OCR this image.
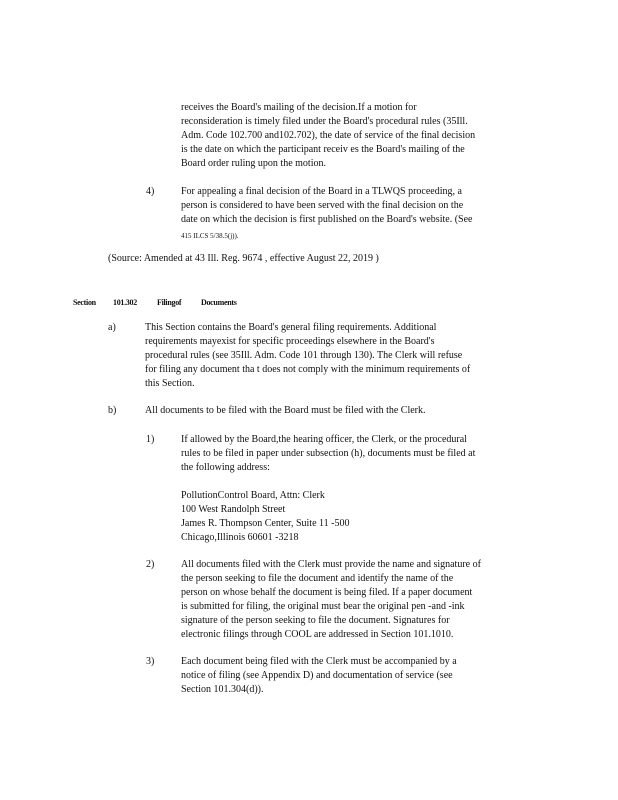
receives the Board's mailing of the decision.If a motion for
reconsideration is timely filed under the Board's procedural rules (35Ill.
Adm. Code 102.700 and102.702), the date of service of the final decision
is the date on which the participant receiv es the Board's mailing of the
Board order ruling upon the motion.
4)	For appealing a final decision of the Board in a TLWQS proceeding, a
person is considered to have been served with the final decision on the
date on which the decision is first published on the Board's website. (See
415 ILCS 5/38.5(j)).
(Source: Amended at 43 Ill. Reg. 9674 , effective August 22, 2019 )
Section 101.302	Filingof Documents
a)	This Section contains the Board's general filing requirements. Additional
requirements mayexist for specific proceedings elsewhere in the Board's
procedural rules (see 35Ill. Adm. Code 101 through 130). The Clerk will refuse
for filing any document tha t does not comply with the minimum requirements of
this Section.
b)	All documents to be filed with the Board must be filed with the Clerk.
1)	If allowed by the Board,the hearing officer, the Clerk, or the procedural
rules to be filed in paper under subsection (h), documents must be filed at
the following address:
PollutionControl Board, Attn: Clerk
100 West Randolph Street
James R. Thompson Center, Suite 11 -500
Chicago,Illinois 60601 -3218
2)	All documents filed with the Clerk must provide the name and signature of
the person seeking to file the document and identify the name of the
person on whose behalf the document is being filed. If a paper document
is submitted for filing, the original must bear the original pen -and -ink
signature of the person seeking to file the document. Signatures for
electronic filings through COOL are addressed in Section 101.1010.
3)	Each document being filed with the Clerk must be accompanied by a
notice of filing (see Appendix D) and documentation of service (see
Section 101.304(d)).
